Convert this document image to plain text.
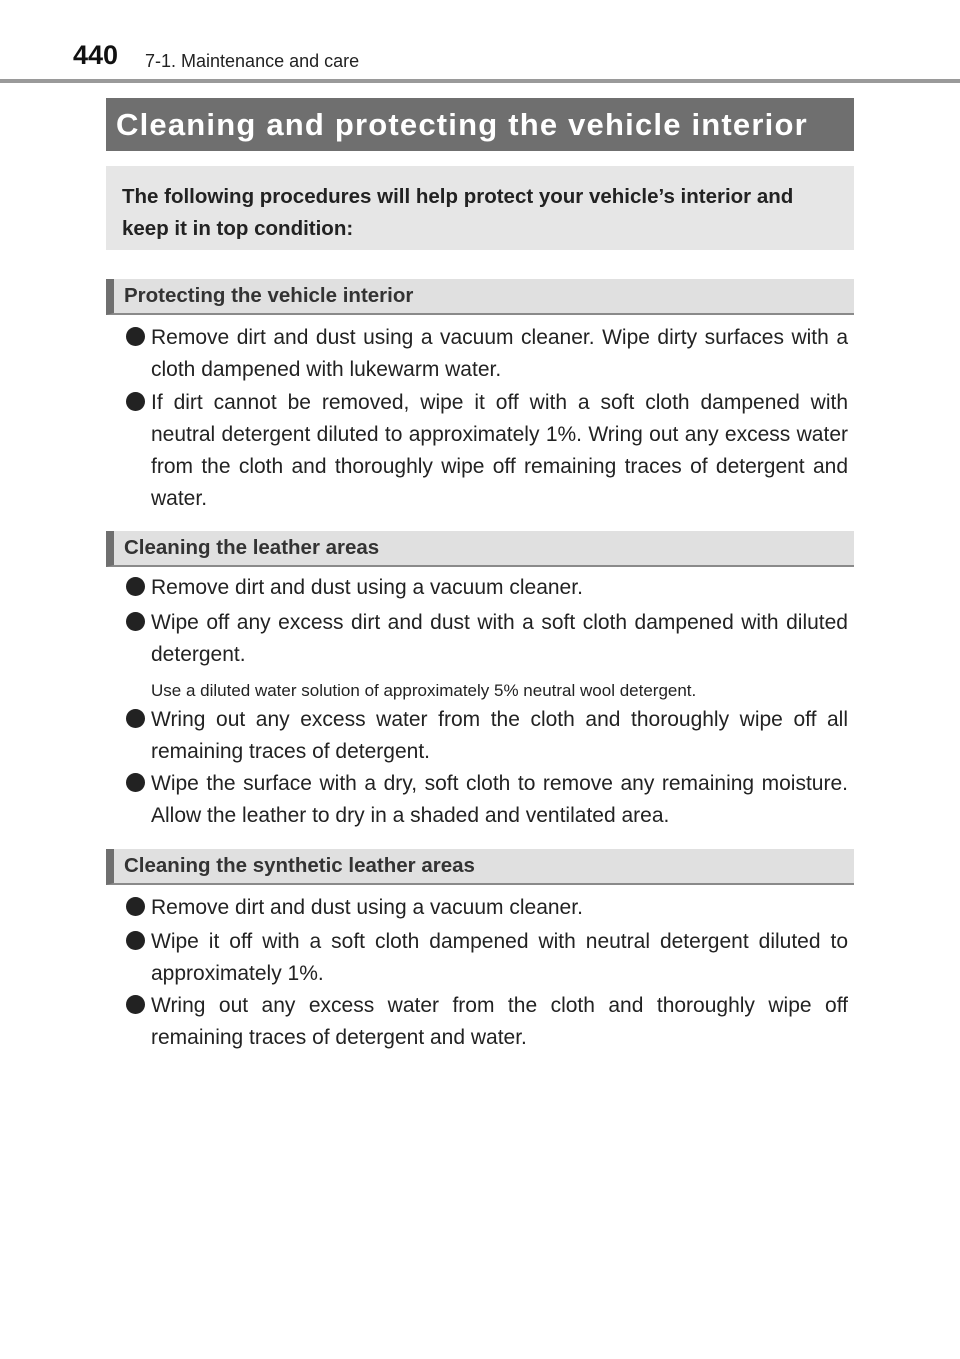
440 7-1. Maintenance and care
Cleaning and protecting the vehicle interior
The following procedures will help protect your vehicle’s interior and keep it in top condition:
Protecting the vehicle interior
Remove dirt and dust using a vacuum cleaner. Wipe dirty surfaces with a cloth dampened with lukewarm water.
If dirt cannot be removed, wipe it off with a soft cloth dampened with neutral detergent diluted to approximately 1%. Wring out any excess water from the cloth and thoroughly wipe off remaining traces of detergent and water.
Cleaning the leather areas
Remove dirt and dust using a vacuum cleaner.
Wipe off any excess dirt and dust with a soft cloth dampened with diluted detergent.
Use a diluted water solution of approximately 5% neutral wool detergent.
Wring out any excess water from the cloth and thoroughly wipe off all remaining traces of detergent.
Wipe the surface with a dry, soft cloth to remove any remaining moisture. Allow the leather to dry in a shaded and ventilated area.
Cleaning the synthetic leather areas
Remove dirt and dust using a vacuum cleaner.
Wipe it off with a soft cloth dampened with neutral detergent diluted to approximately 1%.
Wring out any excess water from the cloth and thoroughly wipe off remaining traces of detergent and water.
